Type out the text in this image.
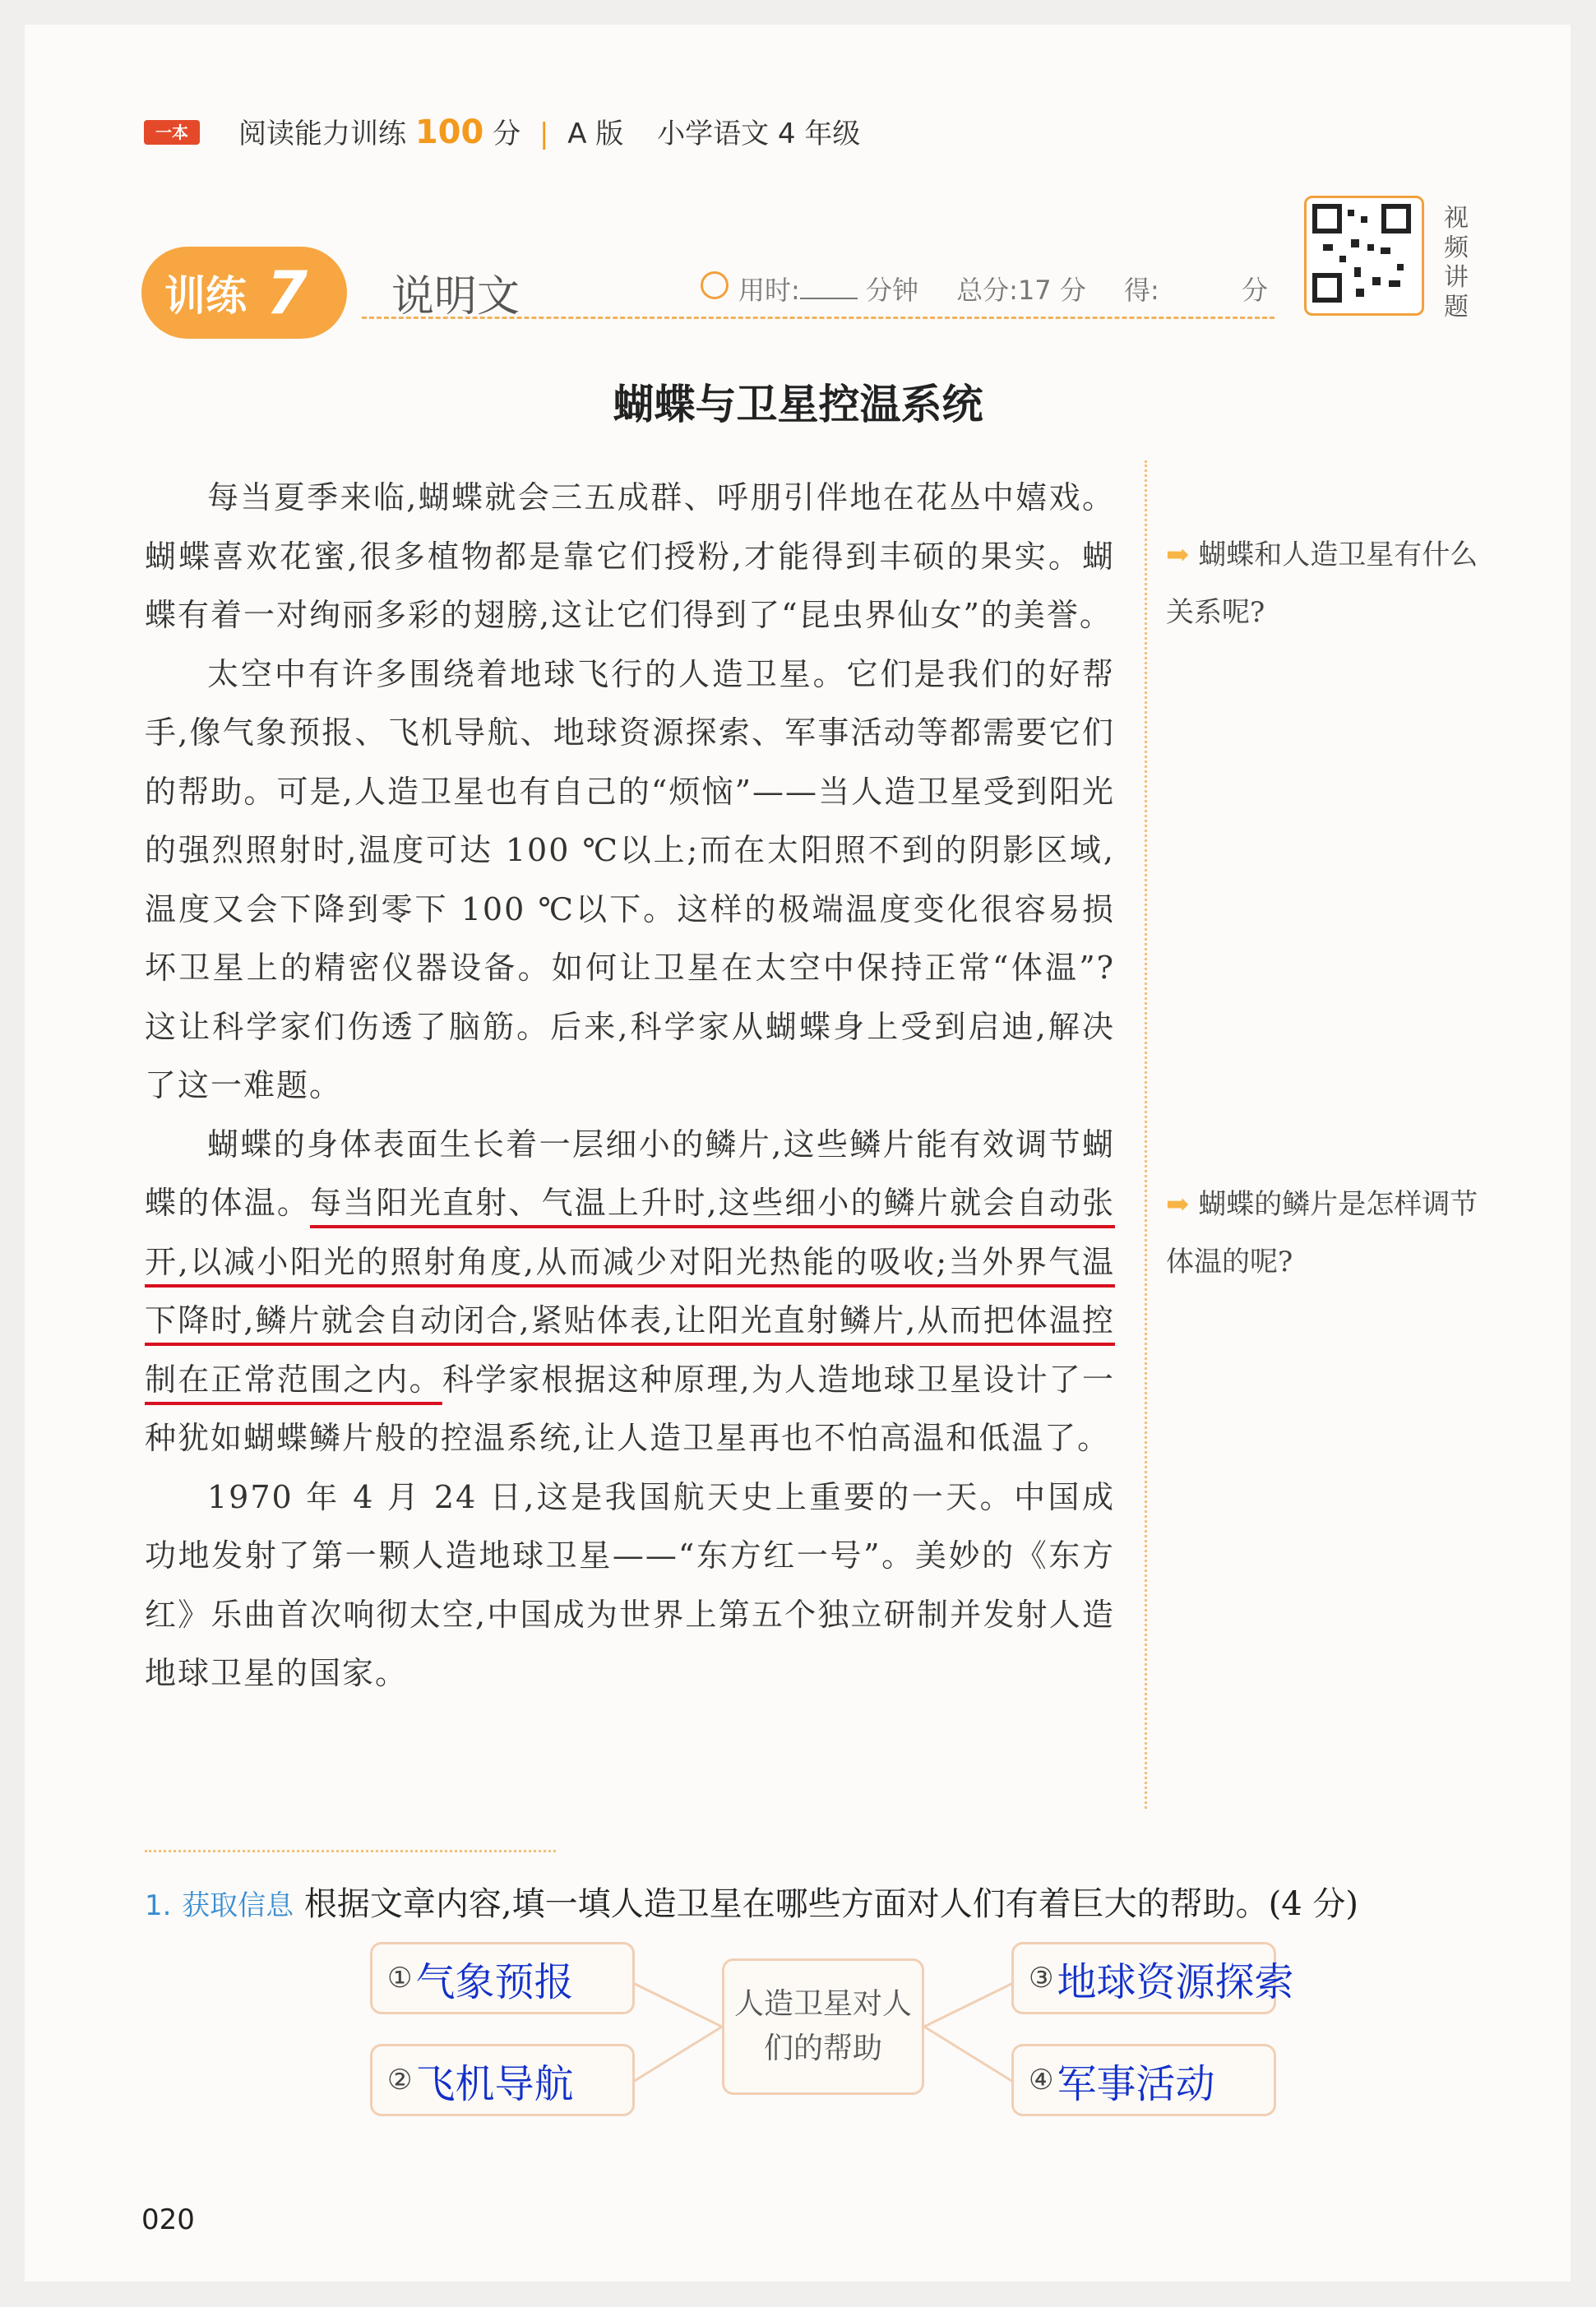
一本	阅读能力训练 100 分 | A 版 小学语文 4 年级
训练 7 说明文	用时:	分钟 总分:17 分 得:	分
视频讲题
蝴蝶与卫星控温系统

每当夏季来临,蝴蝶就会三五成群、呼朋引伴地在花丛中嬉戏。蝴蝶喜欢花蜜,很多植物都是靠它们授粉,才能得到丰硕的果实。蝴蝶有着一对绚丽多彩的翅膀,这让它们得到了“昆虫界仙女”的美誉。

太空中有许多围绕着地球飞行的人造卫星。它们是我们的好帮手,像气象预报、飞机导航、地球资源探索、军事活动等都需要它们的帮助。可是,人造卫星也有自己的“烦恼”——当人造卫星受到阳光的强烈照射时,温度可达 100 ℃以上;而在太阳照不到的阴影区域,温度又会下降到零下 100 ℃以下。这样的极端温度变化很容易损坏卫星上的精密仪器设备。如何让卫星在太空中保持正常“体温”?这让科学家们伤透了脑筋。后来,科学家从蝴蝶身上受到启迪,解决了这一难题。

蝴蝶的身体表面生长着一层细小的鳞片,这些鳞片能有效调节蝴蝶的体温。每当阳光直射、气温上升时,这些细小的鳞片就会自动张开,以减小阳光的照射角度,从而减少对阳光热能的吸收;当外界气温下降时,鳞片就会自动闭合,紧贴体表,让阳光直射鳞片,从而把体温控制在正常范围之内。科学家根据这种原理,为人造地球卫星设计了一种犹如蝴蝶鳞片般的控温系统,让人造卫星再也不怕高温和低温了。

1970 年 4 月 24 日,这是我国航天史上重要的一天。中国成功地发射了第一颗人造地球卫星——“东方红一号”。美妙的《东方红》乐曲首次响彻太空,中国成为世界上第五个独立研制并发射人造地球卫星的国家。

➡ 蝴蝶和人造卫星有什么关系呢?
➡ 蝴蝶的鳞片是怎样调节体温的呢?
1. 获取信息 根据文章内容,填一填人造卫星在哪些方面对人们有着巨大的帮助。(4 分)
① 气象预报
② 飞机导航
人造卫星对人们的帮助
③ 地球资源探索
④ 军事活动
020
